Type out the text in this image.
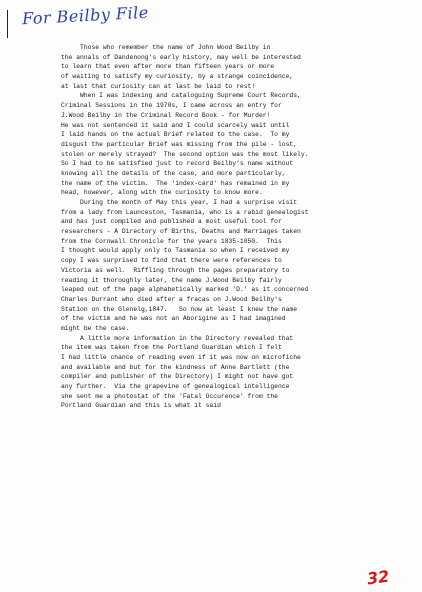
For Beilby File
Those who remember the name of John Wood Beilby in
the annals of Dandenong's early history, may well be interested
to learn that even after more than fifteen years or more
of waiting to satisfy my curiosity, by a strange coincidence,
at last that curiosity can at last be laid to rest!
When I was indexing and cataloguing Supreme Court Records,
Criminal Sessions in the 1970s, I came across an entry for
J.Wood Beilby in the Criminal Record Book - for Murder!
He was not sentenced it said and I could scarcely wait until
I laid hands on the actual Brief related to the case.  To my
disgust the particular Brief was missing from the pile - lost,
stolen or merely strayed?  The second option was the most likely.
So I had to be satisfied just to record Beilby's name without
knowing all the details of the case, and more particularly,
the name of the victim.  The 'index-card' has remained in my
head, however, along with the curiosity to know more.
During the month of May this year, I had a surprise visit
from a lady from Launceston, Tasmania, who is a rabid genealogist
and has just compiled and published a most useful tool for
researchers - A Directory of Births, Deaths and Marriages taken
from the Cornwall Chronicle for the years 1835-1850.  This
I thought would apply only to Tasmania so when I received my
copy I was surprised to find that there were references to
Victoria as well.  Riffling through the pages preparatory to
reading it thoroughly later, the name J.Wood Beilby fairly
leaped out of the page alphabetically marked 'D.' as it concerned
Charles Durrant who died after a fracas on J.Wood Beilby's
Station on the Glenelg,1847.   So now at least I knew the name
of the victim and he was not an Aborigine as I had imagined
might be the case.
A little more information in the Directory revealed that
the item was taken from the Portland Guardian which I felt
I had little chance of reading even if it was now on microfiche
and available and but for the kindness of Anne Bartlett (the
compiler and publisher of the Directory) I might not have got
any further.  Via the grapevine of genealogical intelligence
she sent me a photostat of the 'Fatal Occurence' from the
Portland Guardian and this is what it said
32
